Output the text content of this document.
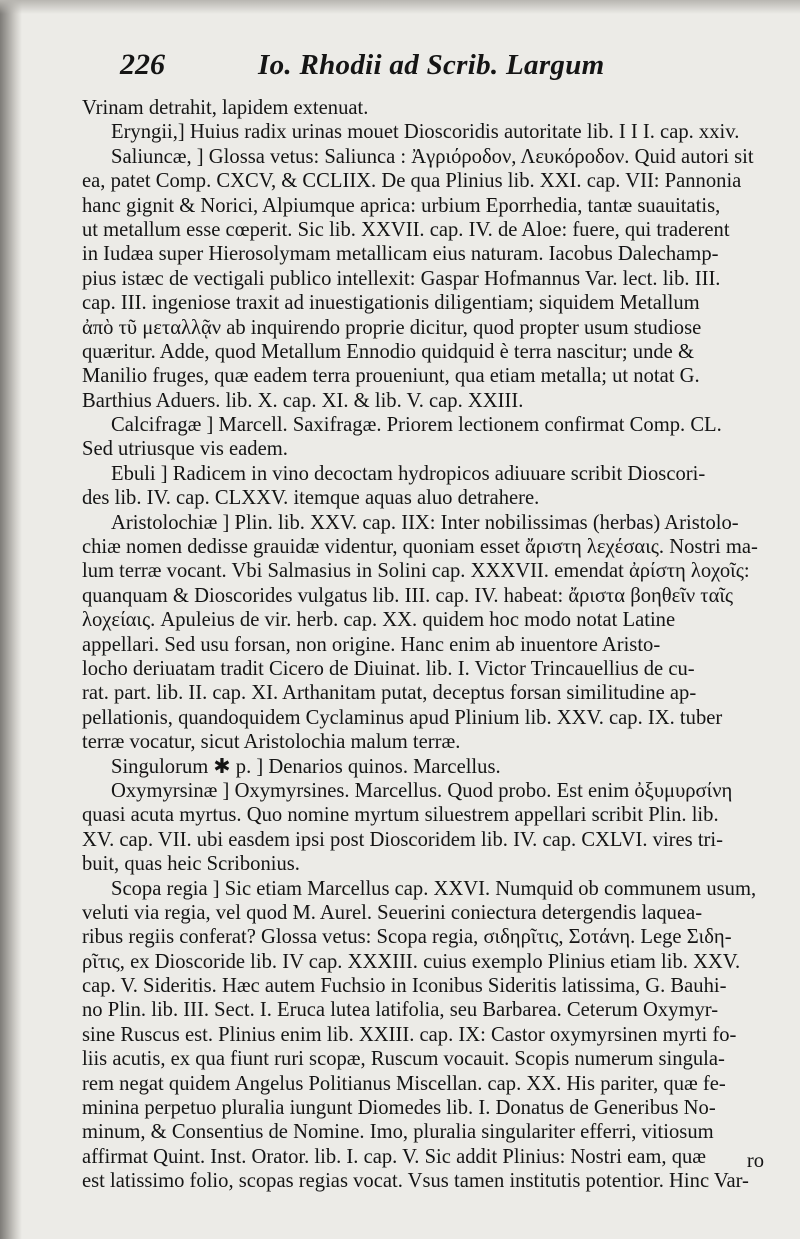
226	Io. Rhodii ad Scrib. Largum
Vrinam detrahit, lapidem extenuat.
Eryngii,] Huius radix urinas mouet Dioscoridis autoritate lib. I I I. cap. xxiv.
Saliuncæ, ] Glossa vetus: Saliunca : Ἀγριόροδον, Λευκόροδον. Quid autori sit
ea, patet Comp. CXCV, & CCLIIX. De qua Plinius lib. XXI. cap. VII: Pannonia
hanc gignit & Norici, Alpiumque aprica: urbium Eporrhedia, tantæ suauitatis,
ut metallum esse cœperit. Sic lib. XXVII. cap. IV. de Aloe: fuere, qui traderent
in Iudæa super Hierosolymam metallicam eius naturam. Iacobus Dalechamp-
pius istæc de vectigali publico intellexit: Gaspar Hofmannus Var. lect. lib. III.
cap. III. ingeniose traxit ad inuestigationis diligentiam; siquidem Metallum
ἀπὸ τῦ μεταλλᾷν ab inquirendo proprie dicitur, quod propter usum studiose
quæritur. Adde, quod Metallum Ennodio quidquid è terra nascitur; unde &
Manilio fruges, quæ eadem terra proueniunt, qua etiam metalla; ut notat G.
Barthius Aduers. lib. X. cap. XI. & lib. V. cap. XXIII.
Calcifragæ ] Marcell. Saxifragæ. Priorem lectionem confirmat Comp. CL.
Sed utriusque vis eadem.
Ebuli ] Radicem in vino decoctam hydropicos adiuuare scribit Dioscori-
des lib. IV. cap. CLXXV. itemque aquas aluo detrahere.
Aristolochiæ ] Plin. lib. XXV. cap. IIX: Inter nobilissimas (herbas) Aristolo-
chiæ nomen dedisse grauidæ videntur, quoniam esset ἄριστη λεχέσαις. Nostri ma-
lum terræ vocant. Vbi Salmasius in Solini cap. XXXVII. emendat ἀρίστη λοχοῖς:
quanquam & Dioscorides vulgatus lib. III. cap. IV. habeat: ἄριστα βοηθεῖν ταῖς
λοχείαις. Apuleius de vir. herb. cap. XX. quidem hoc modo notat Latine
appellari. Sed usu forsan, non origine. Hanc enim ab inuentore Aristo-
locho deriuatam tradit Cicero de Diuinat. lib. I. Victor Trincauellius de cu-
rat. part. lib. II. cap. XI. Arthanitam putat, deceptus forsan similitudine ap-
pellationis, quandoquidem Cyclaminus apud Plinium lib. XXV. cap. IX. tuber
terræ vocatur, sicut Aristolochia malum terræ.
Singulorum ✱ p. ] Denarios quinos. Marcellus.
Oxymyrsinæ ] Oxymyrsines. Marcellus. Quod probo. Est enim ὀξυμυρσίνη
quasi acuta myrtus. Quo nomine myrtum siluestrem appellari scribit Plin. lib.
XV. cap. VII. ubi easdem ipsi post Dioscoridem lib. IV. cap. CXLVI. vires tri-
buit, quas heic Scribonius.
Scopa regia ] Sic etiam Marcellus cap. XXVI. Numquid ob communem usum,
veluti via regia, vel quod M. Aurel. Seuerini coniectura detergendis laquea-
ribus regiis conferat? Glossa vetus: Scopa regia, σιδηρῖτις, Σοτάνη. Lege Σιδη-
ρῖτις, ex Dioscoride lib. IV cap. XXXIII. cuius exemplo Plinius etiam lib. XXV.
cap. V. Sideritis. Hæc autem Fuchsio in Iconibus Sideritis latissima, G. Bauhi-
no Plin. lib. III. Sect. I. Eruca lutea latifolia, seu Barbarea. Ceterum Oxymyr-
sine Ruscus est. Plinius enim lib. XXIII. cap. IX: Castor oxymyrsinen myrti fo-
liis acutis, ex qua fiunt ruri scopæ, Ruscum vocauit. Scopis numerum singula-
rem negat quidem Angelus Politianus Miscellan. cap. XX. His pariter, quæ fe-
minina perpetuo pluralia iungunt Diomedes lib. I. Donatus de Generibus No-
minum, & Consentius de Nomine. Imo, pluralia singulariter efferri, vitiosum
affirmat Quint. Inst. Orator. lib. I. cap. V. Sic addit Plinius: Nostri eam, quæ
est latissimo folio, scopas regias vocat. Vsus tamen institutis potentior. Hinc Var-
ro
